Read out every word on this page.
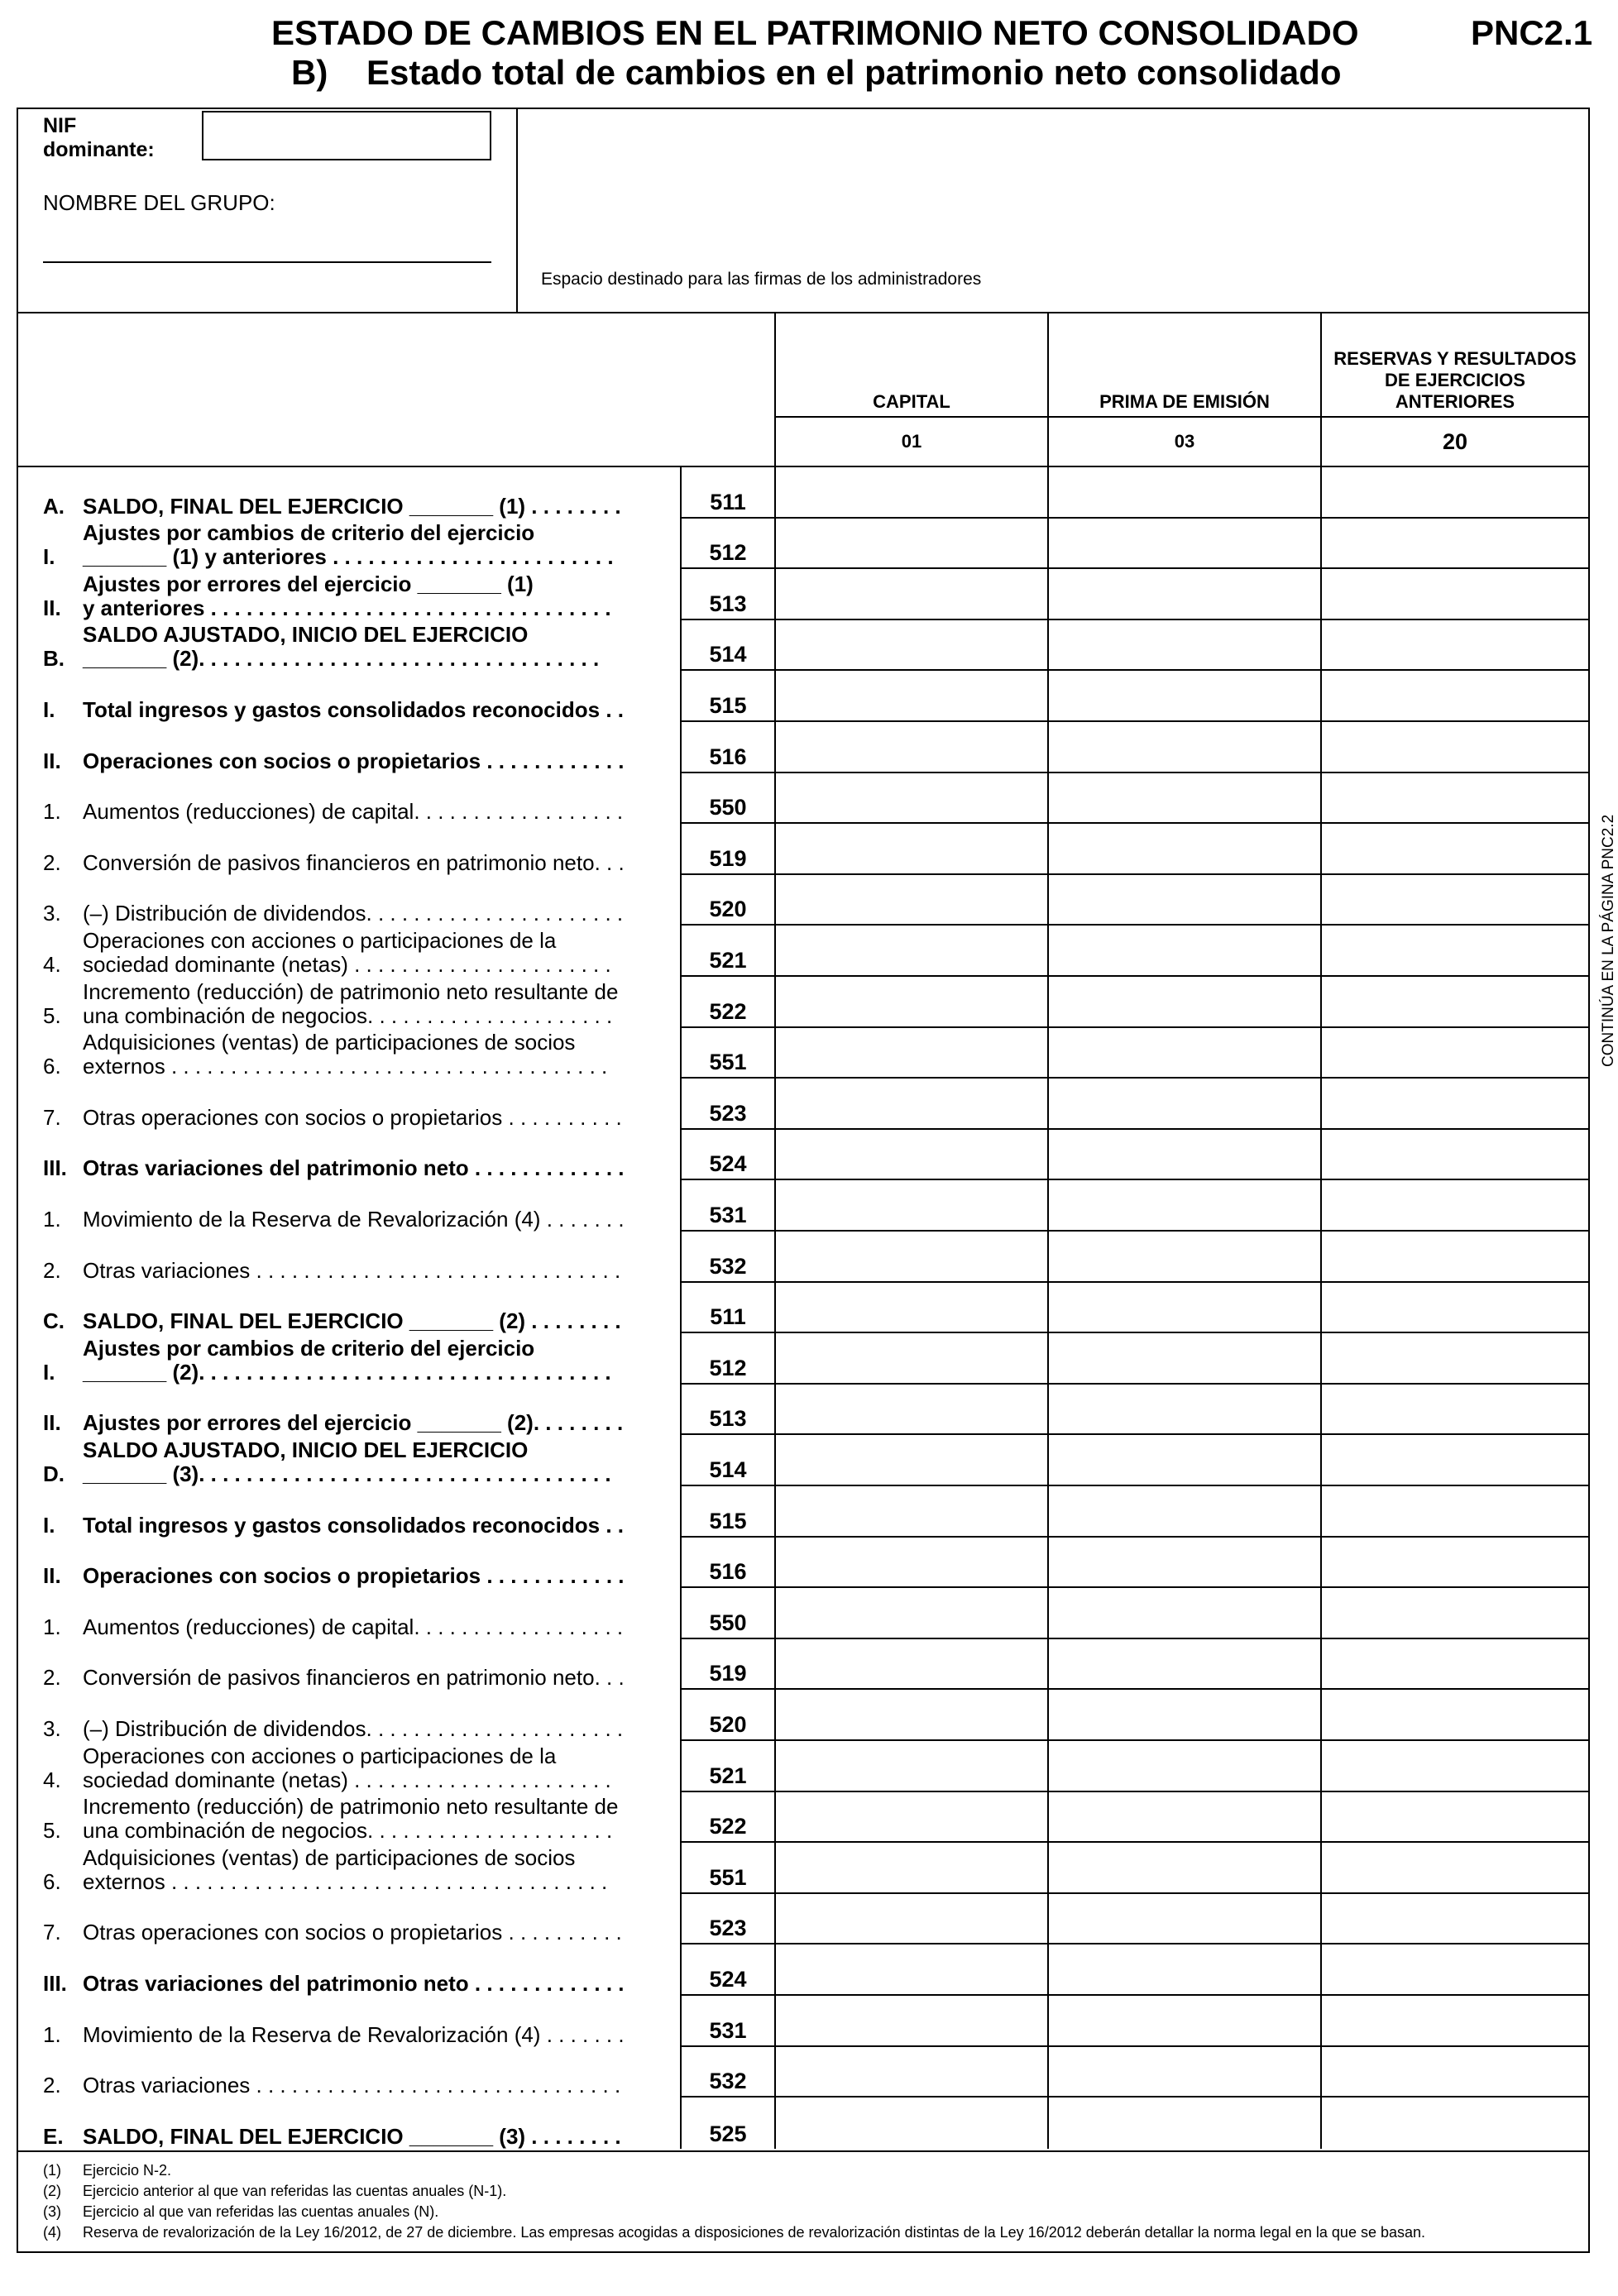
ESTADO DE CAMBIOS EN EL PATRIMONIO NETO CONSOLIDADO
B)    Estado total de cambios en el patrimonio neto consolidado
PNC2.1
NIF
dominante:
NOMBRE DEL GRUPO:
Espacio destinado para las firmas de los administradores
CAPITAL
01
PRIMA DE EMISIÓN
03
RESERVAS Y RESULTADOS DE EJERCICIOS ANTERIORES
20
A. SALDO, FINAL DEL EJERCICIO _______ (1) . . . . . . . .	511
I.
Ajustes por cambios de criterio del ejercicio
_______ (1) y anteriores . . . . . . . . . . . . . . . . . . . . . . . .	512
II.
Ajustes por errores del ejercicio _______ (1)
y anteriores . . . . . . . . . . . . . . . . . . . . . . . . . . . . . . . . . .	513
B.
SALDO AJUSTADO, INICIO DEL EJERCICIO
_______ (2). . . . . . . . . . . . . . . . . . . . . . . . . . . . . . . . . .	514
I. Total ingresos y gastos consolidados reconocidos . .	515
II. Operaciones con socios o propietarios . . . . . . . . . . . .	516
1. Aumentos (reducciones) de capital. . . . . . . . . . . . . . . . . .	550
2. Conversión de pasivos financieros en patrimonio neto. . .	519
3. (–) Distribución de dividendos. . . . . . . . . . . . . . . . . . . . . .	520
4.
Operaciones con acciones o participaciones de la
sociedad dominante (netas) . . . . . . . . . . . . . . . . . . . . . .	521
5.
Incremento (reducción) de patrimonio neto resultante de
una combinación de negocios. . . . . . . . . . . . . . . . . . . . .	522
6.
Adquisiciones (ventas) de participaciones de socios
externos . . . . . . . . . . . . . . . . . . . . . . . . . . . . . . . . . . . . .	551
7. Otras operaciones con socios o propietarios . . . . . . . . . .	523
III. Otras variaciones del patrimonio neto . . . . . . . . . . . . .	524
1. Movimiento de la Reserva de Revalorización (4) . . . . . . .	531
2. Otras variaciones . . . . . . . . . . . . . . . . . . . . . . . . . . . . . . .	532
C. SALDO, FINAL DEL EJERCICIO _______ (2) . . . . . . . .	511
I.
Ajustes por cambios de criterio del ejercicio
_______ (2). . . . . . . . . . . . . . . . . . . . . . . . . . . . . . . . . . .	512
II. Ajustes por errores del ejercicio _______ (2). . . . . . . .	513
D.
SALDO AJUSTADO, INICIO DEL EJERCICIO
_______ (3). . . . . . . . . . . . . . . . . . . . . . . . . . . . . . . . . . .	514
I. Total ingresos y gastos consolidados reconocidos . .	515
II. Operaciones con socios o propietarios . . . . . . . . . . . .	516
1. Aumentos (reducciones) de capital. . . . . . . . . . . . . . . . . .	550
2. Conversión de pasivos financieros en patrimonio neto. . .	519
3. (–) Distribución de dividendos. . . . . . . . . . . . . . . . . . . . . .	520
4.
Operaciones con acciones o participaciones de la
sociedad dominante (netas) . . . . . . . . . . . . . . . . . . . . . .	521
5.
Incremento (reducción) de patrimonio neto resultante de
una combinación de negocios. . . . . . . . . . . . . . . . . . . . .	522
6.
Adquisiciones (ventas) de participaciones de socios
externos . . . . . . . . . . . . . . . . . . . . . . . . . . . . . . . . . . . . .	551
7. Otras operaciones con socios o propietarios . . . . . . . . . .	523
III. Otras variaciones del patrimonio neto . . . . . . . . . . . . .	524
1. Movimiento de la Reserva de Revalorización (4) . . . . . . .	531
2. Otras variaciones . . . . . . . . . . . . . . . . . . . . . . . . . . . . . . .	532
E. SALDO, FINAL DEL EJERCICIO _______ (3) . . . . . . . .	525
(1) Ejercicio N-2.
(2) Ejercicio anterior al que van referidas las cuentas anuales (N-1).
(3) Ejercicio al que van referidas las cuentas anuales (N).
(4) Reserva de revalorización de la Ley 16/2012, de 27 de diciembre. Las empresas acogidas a disposiciones de revalorización distintas de la Ley 16/2012 deberán detallar la norma legal en la que se basan.
CONTINÚA EN LA PÁGINA PNC2.2
